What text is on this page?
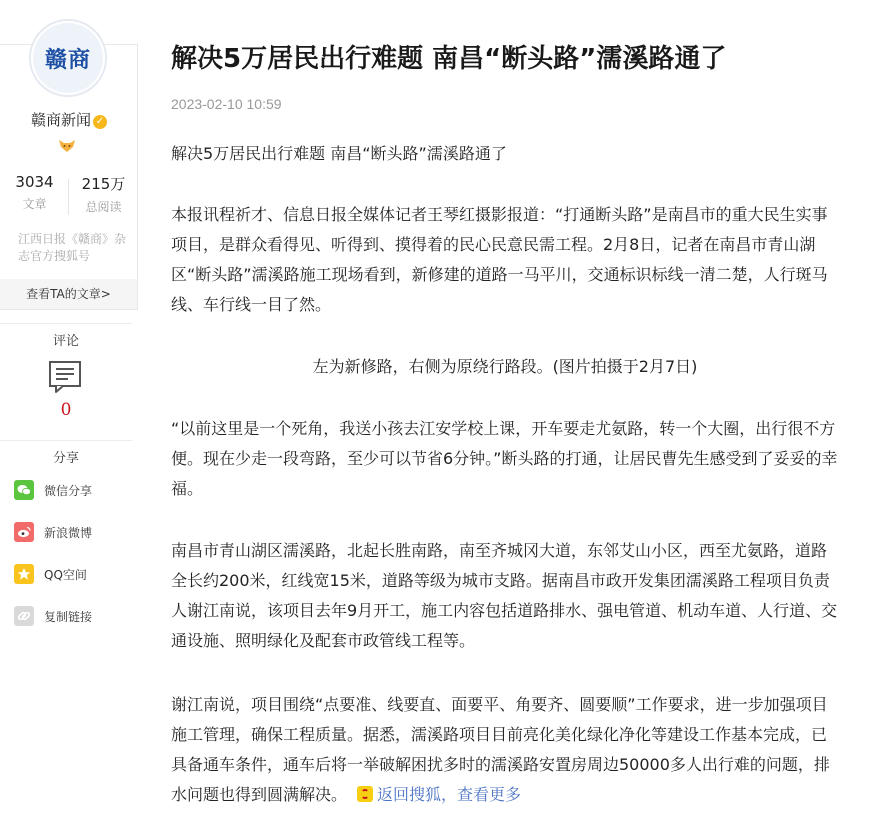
赣商
赣商新闻 ✓
3034
文章
215万
总阅读
江西日报《赣商》杂志官方搜狐号
查看TA的文章>
评论
0
分享
微信分享
新浪微博
QQ空间
复制链接
解决5万居民出行难题 南昌“断头路”濡溪路通了
2023-02-10 10:59

解决5万居民出行难题 南昌“断头路”濡溪路通了

本报讯程祈才、信息日报全媒体记者王琴红摄影报道：“打通断头路”是南昌市的重大民生实事项目，是群众看得见、听得到、摸得着的民心民意民需工程。2月8日，记者在南昌市青山湖区“断头路”濡溪路施工现场看到，新修建的道路一马平川，交通标识标线一清二楚，人行斑马线、车行线一目了然。

左为新修路，右侧为原绕行路段。(图片拍摄于2月7日)

“以前这里是一个死角，我送小孩去江安学校上课，开车要走尤氨路，转一个大圈，出行很不方便。现在少走一段弯路，至少可以节省6分钟。”断头路的打通，让居民曹先生感受到了妥妥的幸福。

南昌市青山湖区濡溪路，北起长胜南路，南至齐城冈大道，东邻艾山小区，西至尤氨路，道路全长约200米，红线宽15米，道路等级为城市支路。据南昌市政开发集团濡溪路工程项目负责人谢江南说，该项目去年9月开工，施工内容包括道路排水、强电管道、机动车道、人行道、交通设施、照明绿化及配套市政管线工程等。

谢江南说，项目围绕“点要准、线要直、面要平、角要齐、圆要顺”工作要求，进一步加强项目施工管理，确保工程质量。据悉，濡溪路项目目前亮化美化绿化净化等建设工作基本完成，已具备通车条件，通车后将一举破解困扰多时的濡溪路安置房周边50000多人出行难的问题，排水问题也得到圆满解决。 返回搜狐，查看更多
